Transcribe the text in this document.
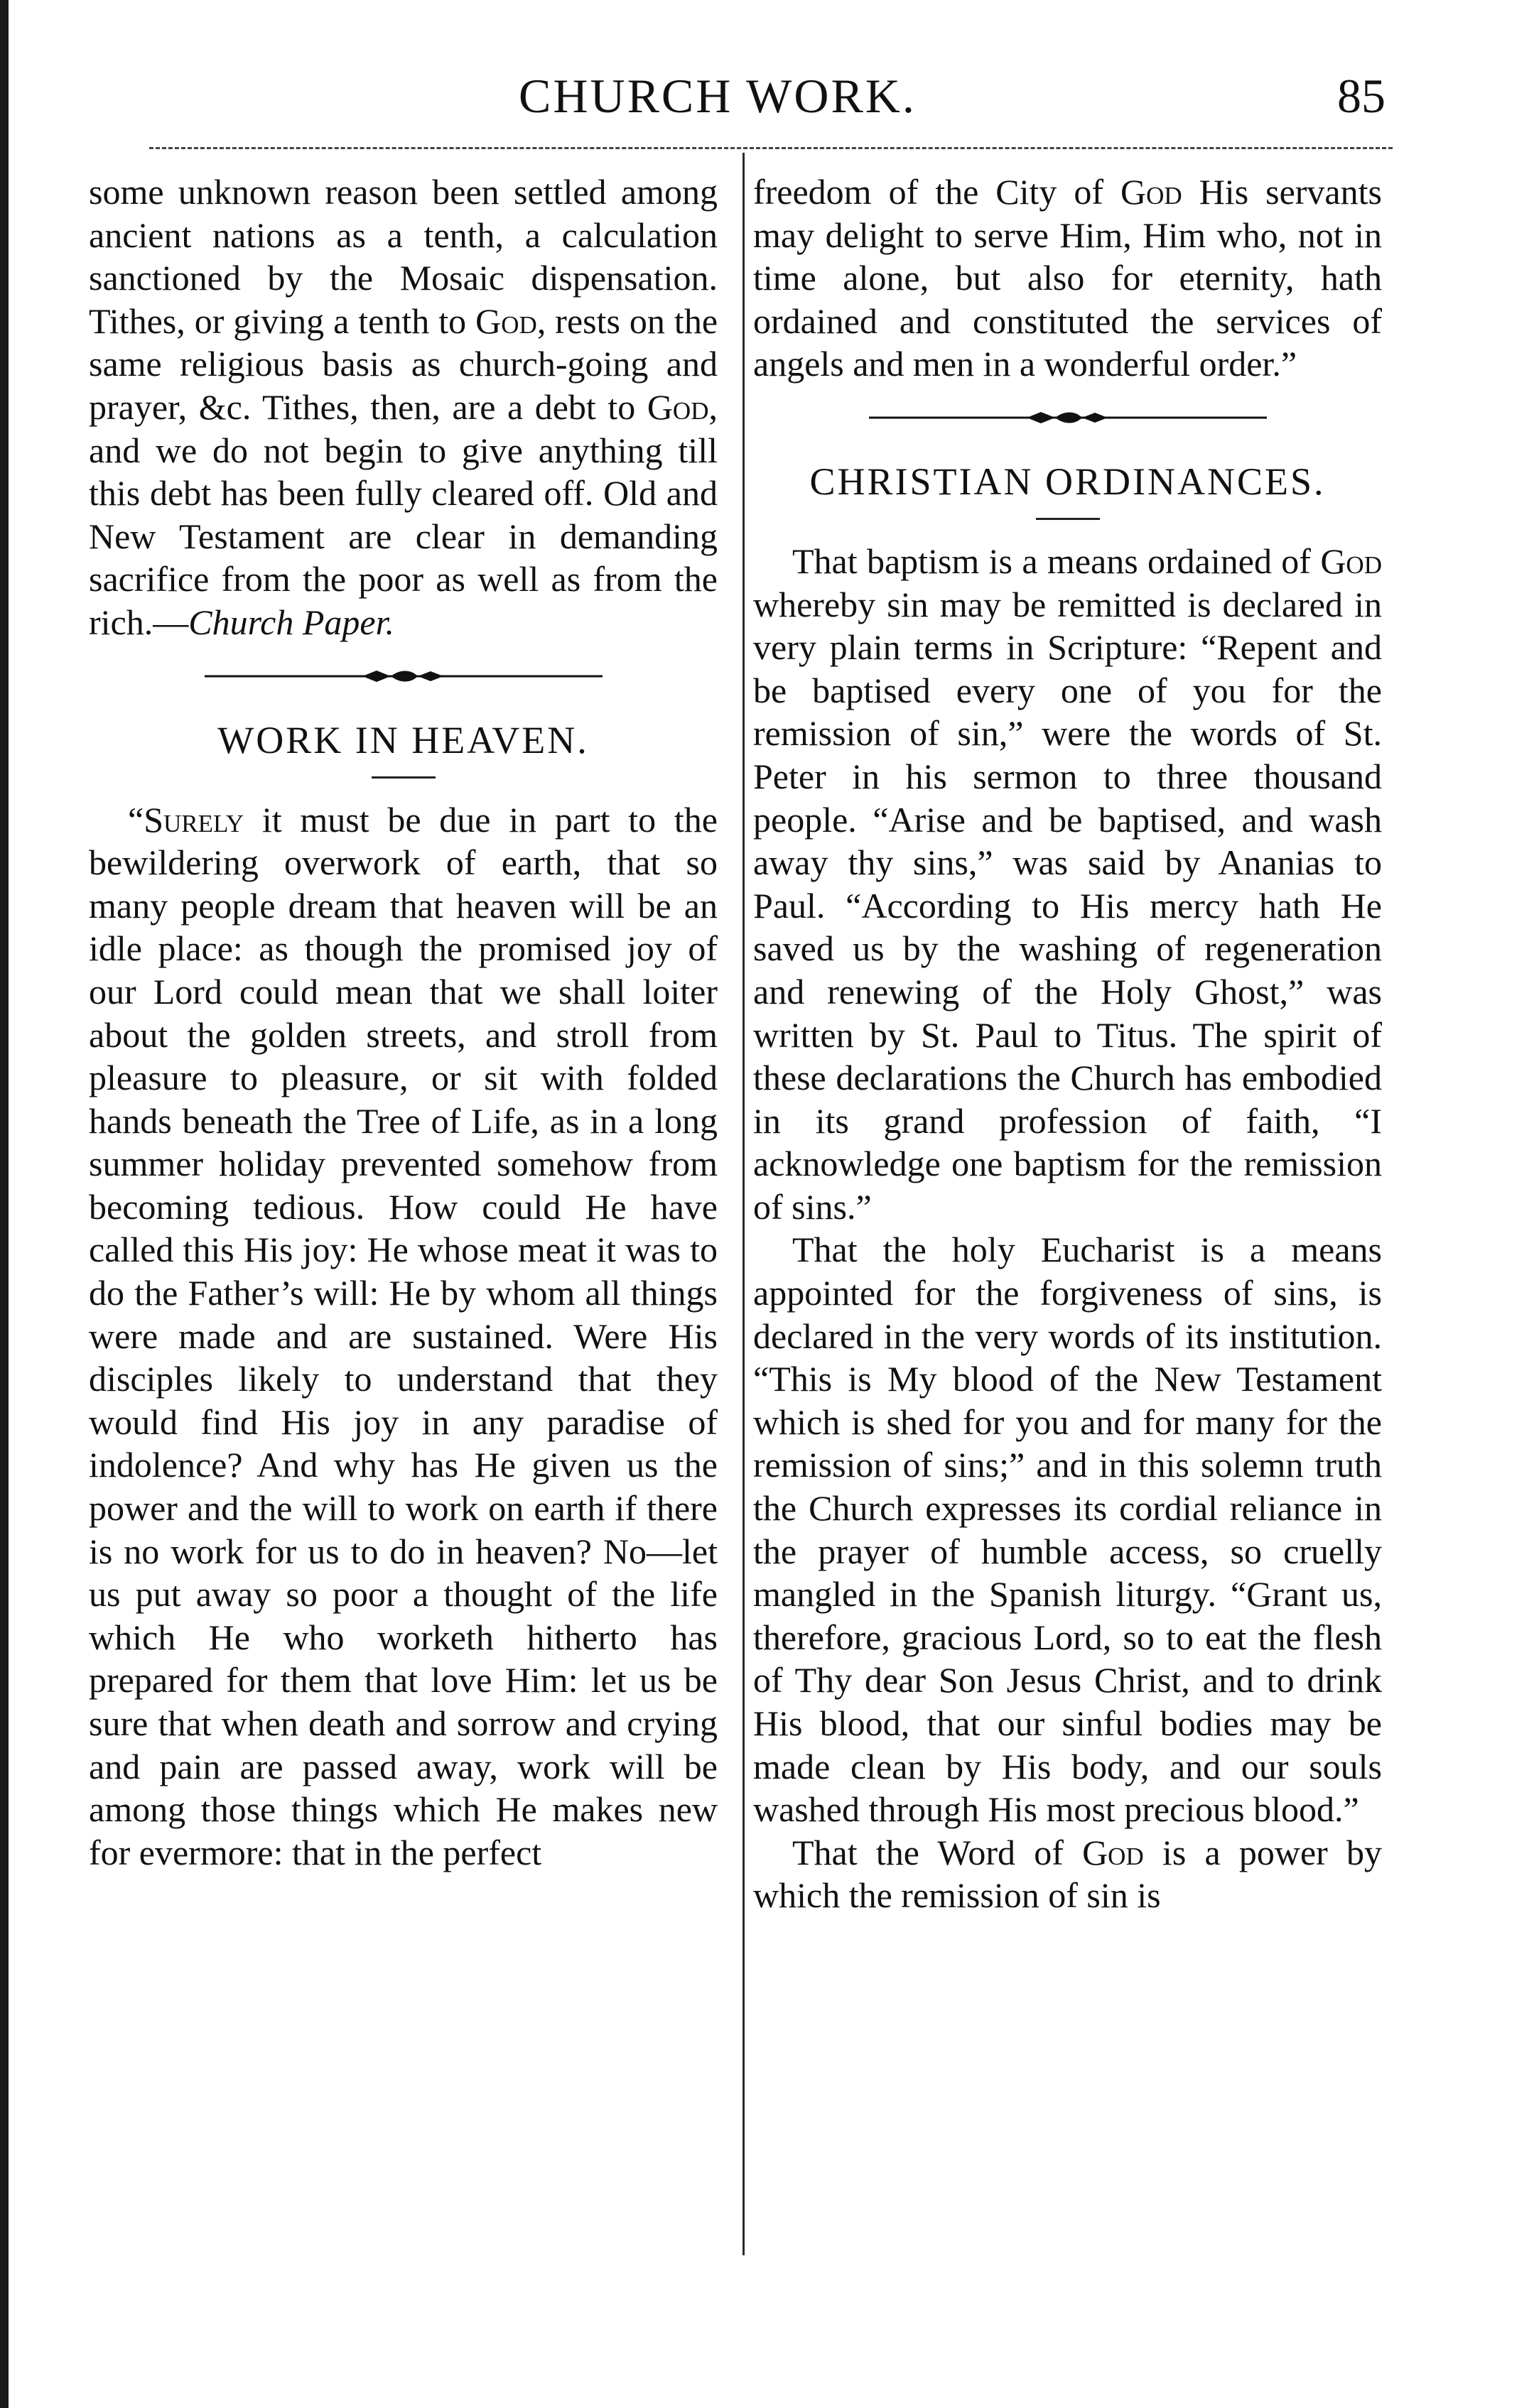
CHURCH WORK.	85

some unknown reason been settled among ancient nations as a tenth, a calculation sanctioned by the Mosaic dispensation. Tithes, or giving a tenth to God, rests on the same religious basis as church-going and prayer, &c. Tithes, then, are a debt to God, and we do not begin to give anything till this debt has been fully cleared off. Old and New Testament are clear in demanding sacrifice from the poor as well as from the rich.—Church Paper.

WORK IN HEAVEN.

“Surely it must be due in part to the bewildering overwork of earth, that so many people dream that heaven will be an idle place: as though the promised joy of our Lord could mean that we shall loiter about the golden streets, and stroll from pleasure to pleasure, or sit with folded hands beneath the Tree of Life, as in a long summer holiday prevented somehow from becoming tedious. How could He have called this His joy: He whose meat it was to do the Father’s will: He by whom all things were made and are sustained. Were His disciples likely to understand that they would find His joy in any paradise of indolence? And why has He given us the power and the will to work on earth if there is no work for us to do in heaven? No—let us put away so poor a thought of the life which He who worketh hitherto has prepared for them that love Him: let us be sure that when death and sorrow and crying and pain are passed away, work will be among those things which He makes new for evermore: that in the perfect

freedom of the City of God His servants may delight to serve Him, Him who, not in time alone, but also for eternity, hath ordained and constituted the services of angels and men in a wonderful order.”

CHRISTIAN ORDINANCES.

That baptism is a means ordained of God whereby sin may be remitted is declared in very plain terms in Scripture: “Repent and be baptised every one of you for the remission of sin,” were the words of St. Peter in his sermon to three thousand people. “Arise and be baptised, and wash away thy sins,” was said by Ananias to Paul. “According to His mercy hath He saved us by the washing of regeneration and renewing of the Holy Ghost,” was written by St. Paul to Titus. The spirit of these declarations the Church has embodied in its grand profession of faith, “I acknowledge one baptism for the remission of sins.”

That the holy Eucharist is a means appointed for the forgiveness of sins, is declared in the very words of its institution. “This is My blood of the New Testament which is shed for you and for many for the remission of sins;” and in this solemn truth the Church expresses its cordial reliance in the prayer of humble access, so cruelly mangled in the Spanish liturgy. “Grant us, therefore, gracious Lord, so to eat the flesh of Thy dear Son Jesus Christ, and to drink His blood, that our sinful bodies may be made clean by His body, and our souls washed through His most precious blood.”

That the Word of God is a power by which the remission of sin is
